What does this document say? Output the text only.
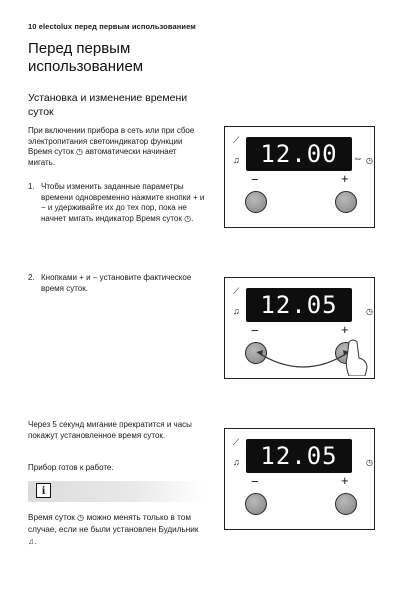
10 electolux перед первым использованием
Перед первым
использованием
Установка и изменение времени суток
При включении прибора в сеть или при сбое электропитания светоиндикатор функции Время суток ◷ автоматически начинает мигать.
1. Чтобы изменить заданные параметры времени одновременно нажмите кнопки + и − и удерживайте их до тех пор, пока не начнет мигать индикатор Время суток ◷.
2. Кнопками + и − установите фактическое время суток.
Через 5 секунд мигание прекратится и часы покажут установленное время суток.
Прибор готов к работе.
i
Время суток ◷ можно менять только в том случае, если не были установлен Будильник ♫.
⟋
♫ 12.00	⇔ ◷
−	+
⟋
♫ 12.05	◷
−	+
⟋
♫ 12.05	◷
−	+
